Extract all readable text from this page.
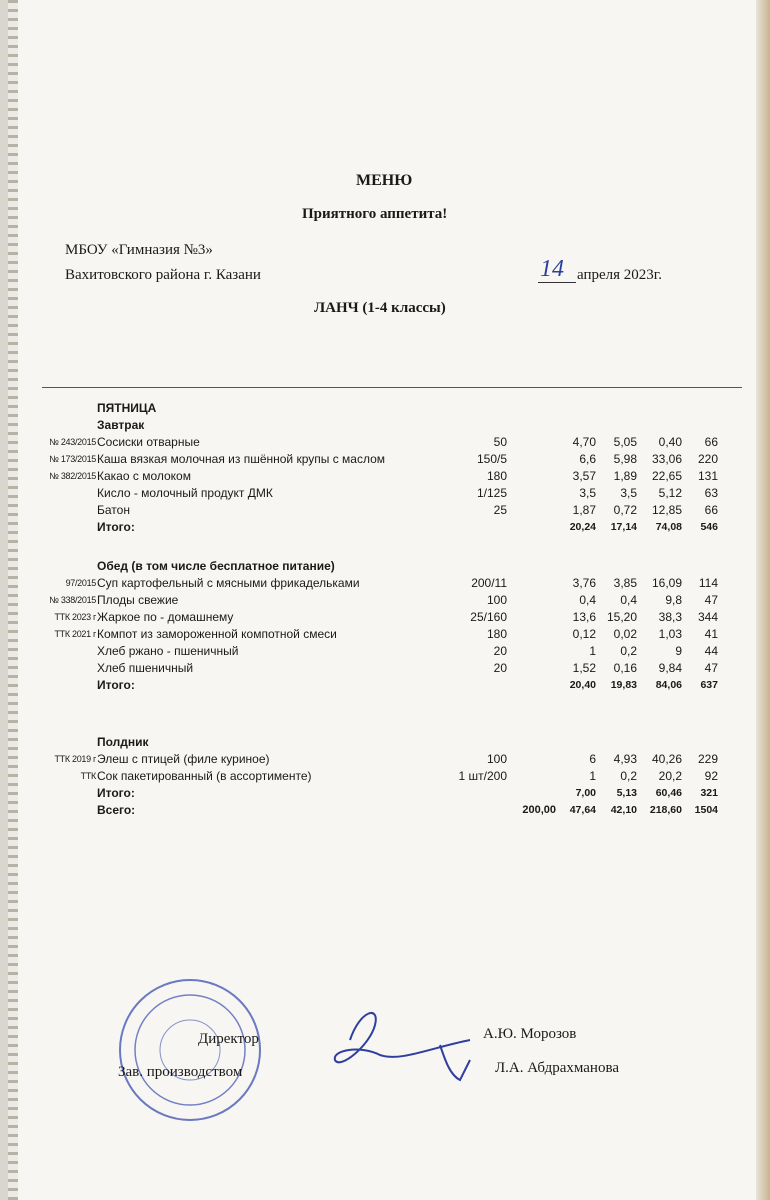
МЕНЮ
Приятного аппетита!
МБОУ «Гимназия №3»
Вахитовского района г. Казани	14 апреля 2023г.
ЛАНЧ (1-4 классы)
ПЯТНИЦА
Завтрак
№ 243/2015 Сосиски отварные	50	4,70 5,05 0,40 66
№ 173/2015 Каша вязкая молочная из пшённой крупы с маслом	150/5	6,6 5,98 33,06 220
№ 382/2015 Какао с молоком	180	3,57 1,89 22,65 131
Кисло - молочный продукт ДМК	1/125	3,5 3,5 5,12 63
Батон	25	1,87 0,72 12,85 66
Итого:	20,24 17,14 74,08 546
Обед (в том числе бесплатное питание)
97/2015 Суп картофельный с мясными фрикадельками	200/11	3,76 3,85 16,09 114
№ 338/2015 Плоды свежие	100	0,4 0,4 9,8 47
ТТК 2023 г Жаркое по - домашнему	25/160	13,6 15,20 38,3 344
ТТК 2021 г Компот из замороженной компотной смеси	180	0,12 0,02 1,03 41
Хлеб ржано - пшеничный	20	1 0,2	9 44
Хлеб пшеничный	20	1,52 0,16 9,84 47
Итого:	20,40 19,83 84,06 637
Полдник
ТТК 2019 г Элеш с птицей (филе куриное)	100	6 4,93 40,26 229
ТТК Сок пакетированный (в ассортименте)	1 шт/200	1 0,2 20,2 92
Итого:	7,00 5,13 60,46 321
Всего:	200,00 47,64 42,10 218,60 1504
Директор
Зав. производством
А.Ю. Морозов
Л.А. Абдрахманова
